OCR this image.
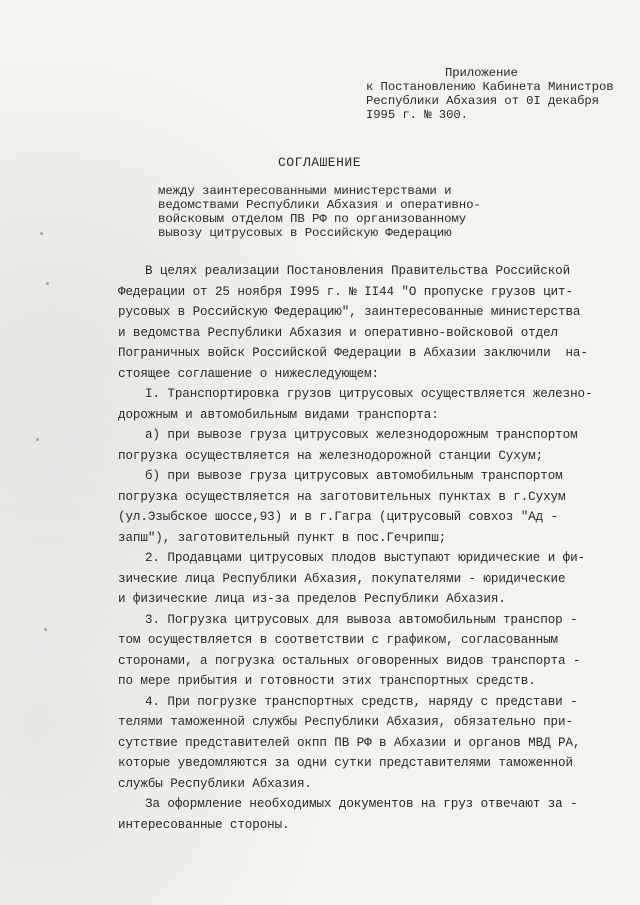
Приложение
к Постановлению Кабинета Министров
Республики Абхазия от 0I декабря
I995 г. № 300.
СОГЛАШЕНИЕ
между заинтересованными министерствами и
ведомствами Республики Абхазия и оперативно-
войсковым отделом ПВ РФ по организованному
вывозу цитрусовых в Российскую Федерацию
В целях реализации Постановления Правительства Российской
Федерации от 25 ноября I995 г. № II44 "О пропуске грузов цит-
русовых в Российскую Федерацию", заинтересованные министерства
и ведомства Республики Абхазия и оперативно-войсковой отдел
Пограничных войск Российской Федерации в Абхазии заключили  на-
стоящее соглашение о нижеследующем:
I. Транспортировка грузов цитрусовых осуществляется железно-
дорожным и автомобильным видами транспорта:
а) при вывозе груза цитрусовых железнодорожным транспортом
погрузка осуществляется на железнодорожной станции Сухум;
б) при вывозе груза цитрусовых автомобильным транспортом
погрузка осуществляется на заготовительных пунктах в г.Сухум
(ул.Эзыбское шоссе,93) и в г.Гагра (цитрусовый совхоз "Ад -
запш"), заготовительный пункт в пос.Гечрипш;
2. Продавцами цитрусовых плодов выступают юридические и фи-
зические лица Республики Абхазия, покупателями - юридические
и физические лица из-за пределов Республики Абхазия.
3. Погрузка цитрусовых для вывоза автомобильным транспор -
том осуществляется в соответствии с графиком, согласованным
сторонами, а погрузка остальных оговоренных видов транспорта -
по мере прибытия и готовности этих транспортных средств.
4. При погрузке транспортных средств, наряду с представи -
телями таможенной службы Республики Абхазия, обязательно при-
сутствие представителей окпп ПВ РФ в Абхазии и органов МВД РА,
которые уведомляются за одни сутки представителями таможенной
службы Республики Абхазия.
За оформление необходимых документов на груз отвечают за -
интересованные стороны.
